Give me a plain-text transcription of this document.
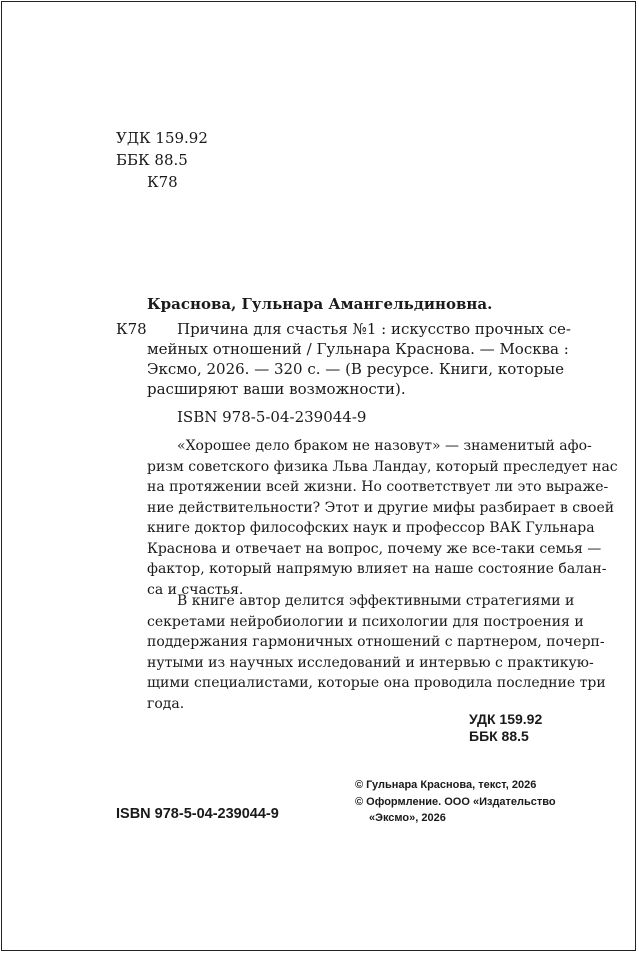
УДК 159.92
ББК 88.5
К78
Краснова, Гульнара Амангельдиновна.
К78 Причина для счастья №1 : искусство прочных се-
мейных отношений / Гульнара Краснова. — Москва :
Эксмо, 2026. — 320 с. — (В ресурсе. Книги, которые
расширяют ваши возможности).
ISBN 978-5-04-239044-9
«Хорошее дело браком не назовут» — знаменитый афо-
ризм советского физика Льва Ландау, который преследует нас
на протяжении всей жизни. Но соответствует ли это выраже-
ние действительности? Этот и другие мифы разбирает в своей
книге доктор философских наук и профессор ВАК Гульнара
Краснова и отвечает на вопрос, почему же все-таки семья —
фактор, который напрямую влияет на наше состояние балан-
са и счастья.
В книге автор делится эффективными стратегиями и
секретами нейробиологии и психологии для построения и
поддержания гармоничных отношений с партнером, почерп-
нутыми из научных исследований и интервью с практикую-
щими специалистами, которые она проводила последние три
года.
УДК 159.92
ББК 88.5
© Гульнара Краснова, текст, 2026
© Оформление. ООО «Издательство
«Эксмо», 2026
ISBN 978-5-04-239044-9
